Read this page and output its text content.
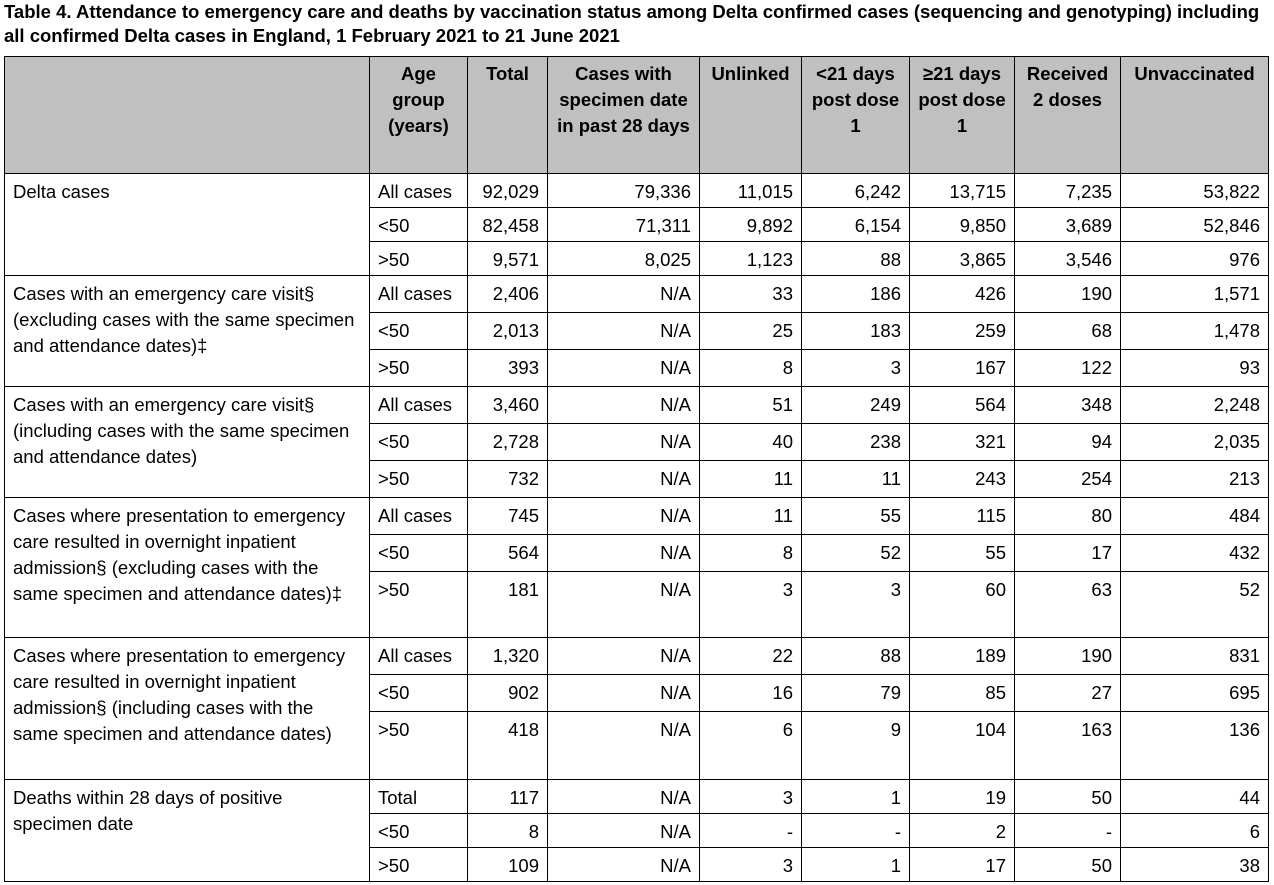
Table 4. Attendance to emergency care and deaths by vaccination status among Delta confirmed cases (sequencing and genotyping) including all confirmed Delta cases in England, 1 February 2021 to 21 June 2021
	Age group (years)	Total	Cases with specimen date in past 28 days	Unlinked	<21 days post dose 1	≥21 days post dose 1	Received 2 doses	Unvaccinated
Delta cases	All cases	92,029	79,336	11,015	6,242	13,715	7,235	53,822
	<50	82,458	71,311	9,892	6,154	9,850	3,689	52,846
	>50	9,571	8,025	1,123	88	3,865	3,546	976
Cases with an emergency care visit§ (excluding cases with the same specimen and attendance dates)‡	All cases	2,406	N/A	33	186	426	190	1,571
	<50	2,013	N/A	25	183	259	68	1,478
	>50	393	N/A	8	3	167	122	93
Cases with an emergency care visit§ (including cases with the same specimen and attendance dates)	All cases	3,460	N/A	51	249	564	348	2,248
	<50	2,728	N/A	40	238	321	94	2,035
	>50	732	N/A	11	11	243	254	213
Cases where presentation to emergency care resulted in overnight inpatient admission§ (excluding cases with the same specimen and attendance dates)‡	All cases	745	N/A	11	55	115	80	484
	<50	564	N/A	8	52	55	17	432
	>50	181	N/A	3	3	60	63	52
Cases where presentation to emergency care resulted in overnight inpatient admission§ (including cases with the same specimen and attendance dates)	All cases	1,320	N/A	22	88	189	190	831
	<50	902	N/A	16	79	85	27	695
	>50	418	N/A	6	9	104	163	136
Deaths within 28 days of positive specimen date	Total	117	N/A	3	1	19	50	44
	<50	8	N/A	-	-	2	-	6
	>50	109	N/A	3	1	17	50	38
